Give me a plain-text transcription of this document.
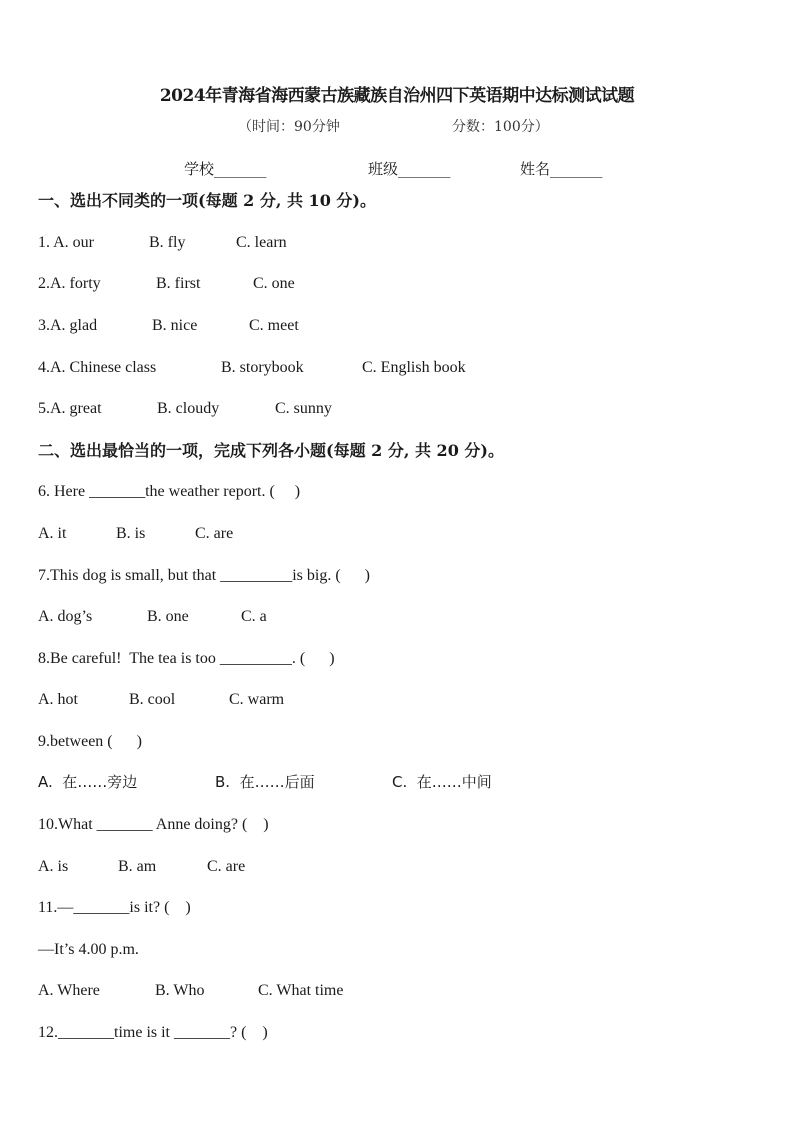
2024年青海省海西蒙古族藏族自治州四下英语期中达标测试试题
（时间：90分钟	分数：100分）
学校_______	班级_______	姓名_______
一、选出不同类的一项(每题 2 分, 共 10 分)。
1. A. our	B. fly	C. learn
2.A. forty	B. first	C. one
3.A. glad	B. nice	C. meet
4.A. Chinese class	B. storybook	C. English book
5.A. great	B. cloudy	C. sunny
二、选出最恰当的一项，完成下列各小题(每题 2 分, 共 20 分)。
6. Here _______the weather report. (     )
A. it	B. is	C. are
7.This dog is small, but that _________is big. (      )
A. dog’s	B. one	C. a
8.Be careful!  The tea is too _________. (      )
A. hot	B. cool	C. warm
9.between (      )
A.  在……旁边	B.  在……后面	C.  在……中间
10.What _______ Anne doing? (    )
A. is	B. am	C. are
11.—_______is it? (    )
—It’s 4.00 p.m.
A. Where	B. Who	C. What time
12._______time is it _______? (    )
